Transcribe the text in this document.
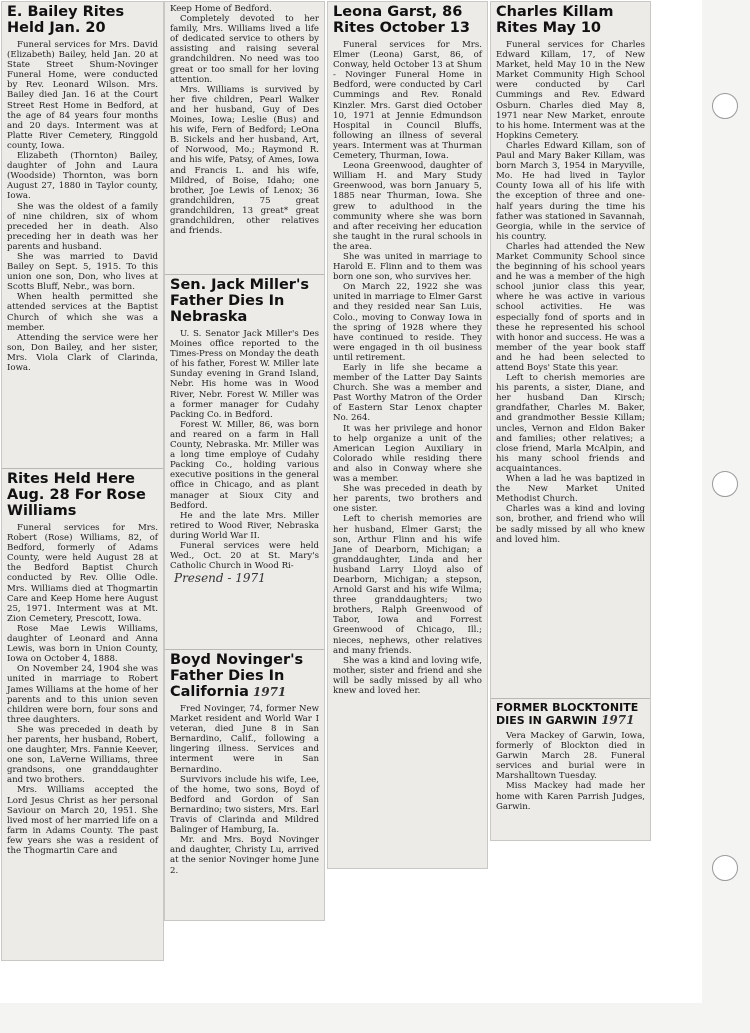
E. Bailey Rites Held Jan. 20

Funeral services for Mrs. David (Elizabeth) Bailey, held Jan. 20 at State Street Shum-Novinger Funeral Home, were conducted by Rev. Leonard Wilson. Mrs. Bailey died Jan. 16 at the Court Street Rest Home in Bedford, at the age of 84 years four months and 20 days. Interment was at Platte River Cemetery, Ringgold county, Iowa.

Elizabeth (Thornton) Bailey, daughter of John and Laura (Woodside) Thornton, was born August 27, 1880 in Taylor county, Iowa.

She was the oldest of a family of nine children, six of whom preceded her in death. Also preceding her in death was her parents and husband.

She was married to David Bailey on Sept. 5, 1915. To this union one son, Don, who lives at Scotts Bluff, Nebr., was born.

When health permitted she attended services at the Baptist Church of which she was a member.

Attending the service were her son, Don Bailey, and her sister, Mrs. Viola Clark of Clarinda, Iowa.

Rites Held Here Aug. 28 For Rose Williams

Funeral services for Mrs. Robert (Rose) Williams, 82, of Bedford, formerly of Adams County, were held August 28 at the Bedford Baptist Church conducted by Rev. Ollie Odle. Mrs. Williams died at Thogmartin Care and Keep Home here August 25, 1971. Interment was at Mt. Zion Cemetery, Prescott, Iowa.

Rose Mae Lewis Williams, daughter of Leonard and Anna Lewis, was born in Union County, Iowa on October 4, 1888.

On November 24, 1904 she was united in marriage to Robert James Williams at the home of her parents and to this union seven children were born, four sons and three daughters.

She was preceded in death by her parents, her husband, Robert, one daughter, Mrs. Fannie Keever, one son, LaVerne Williams, three grandsons, one granddaughter and two brothers.

Mrs. Williams accepted the Lord Jesus Christ as her personal Saviour on March 20, 1951. She lived most of her married life on a farm in Adams County. The past few years she was a resident of the Thogmartin Care and

Keep Home of Bedford.

Completely devoted to her family, Mrs. Williams lived a life of dedicated service to others by assisting and raising several grandchildren. No need was too great or too small for her loving attention.

Mrs. Williams is survived by her five children, Pearl Walker and her husband, Guy of Des Moines, Iowa; Leslie (Bus) and his wife, Fern of Bedford; LeOna B. Sickels and her husband, Art, of Norwood, Mo.; Raymond R. and his wife, Patsy, of Ames, Iowa and Francis L. and his wife, Mildred, of Boise, Idaho; one brother, Joe Lewis of Lenox; 36 grandchildren, 75 great grandchildren, 13 great* great grandchildren, other relatives and friends.

Sen. Jack Miller's Father Dies In Nebraska

U. S. Senator Jack Miller's Des Moines office reported to the Times-Press on Monday the death of his father, Forest W. Miller late Sunday evening in Grand Island, Nebr. His home was in Wood River, Nebr. Forest W. Miller was a former manager for Cudahy Packing Co. in Bedford.

Forest W. Miller, 86, was born and reared on a farm in Hall County, Nebraska. Mr. Miller was a long time employe of Cudahy Packing Co., holding various executive positions in the general office in Chicago, and as plant manager at Sioux City and Bedford.

He and the late Mrs. Miller retired to Wood River, Nebraska during World War II.

Funeral services were held Wed., Oct. 20 at St. Mary's Catholic Church in Wood Ri-

Presend - 1971
Boyd Novinger's Father Dies In California 1971

Fred Novinger, 74, former New Market resident and World War I veteran, died June 8 in San Bernardino, Calif., following a lingering illness. Services and interment were in San Bernardino.

Survivors include his wife, Lee, of the home, two sons, Boyd of Bedford and Gordon of San Bernardino; two sisters, Mrs. Earl Travis of Clarinda and Mildred Balinger of Hamburg, Ia.

Mr. and Mrs. Boyd Novinger and daughter, Christy Lu, arrived at the senior Novinger home June 2.

Leona Garst, 86 Rites October 13

Funeral services for Mrs. Elmer (Leona) Garst, 86, of Conway, held October 13 at Shum - Novinger Funeral Home in Bedford, were conducted by Carl Cummings and Rev. Ronald Kinzler. Mrs. Garst died October 10, 1971 at Jennie Edmundson Hospital in Council Bluffs, following an illness of several years. Interment was at Thurman Cemetery, Thurman, Iowa.

Leona Greenwood, daughter of William H. and Mary Study Greenwood, was born January 5, 1885 near Thurman, Iowa. She grew to adulthood in the community where she was born and after receiving her education she taught in the rural schools in the area.

She was united in marriage to Harold E. Flinn and to them was born one son, who survives her.

On March 22, 1922 she was united in marriage to Elmer Garst and they resided near San Luis, Colo., moving to Conway Iowa in the spring of 1928 where they have continued to reside. They were engaged in th oil business until retirement.

Early in life she became a member of the Latter Day Saints Church. She was a member and Past Worthy Matron of the Order of Eastern Star Lenox chapter No. 264.

It was her privilege and honor to help organize a unit of the American Legion Auxiliary in Colorado while residing there and also in Conway where she was a member.

She was preceded in death by her parents, two brothers and one sister.

Left to cherish memories are her husband, Elmer Garst; the son, Arthur Flinn and his wife Jane of Dearborn, Michigan; a granddaughter, Linda and her husband Larry Lloyd also of Dearborn, Michigan; a stepson, Arnold Garst and his wife Wilma; three granddaughters; two brothers, Ralph Greenwood of Tabor, Iowa and Forrest Greenwood of Chicago, Ill.; nieces, nephews, other relatives and many friends.

She was a kind and loving wife, mother, sister and friend and she will be sadly missed by all who knew and loved her.

Charles Killam Rites May 10

Funeral services for Charles Edward Killam, 17, of New Market, held May 10 in the New Market Community High School were conducted by Carl Cummings and Rev. Edward Osburn. Charles died May 8, 1971 near New Market, enroute to his home. Interment was at the Hopkins Cemetery.

Charles Edward Killam, son of Paul and Mary Baker Killam, was born March 3, 1954 in Maryville, Mo. He had lived in Taylor County Iowa all of his life with the exception of three and one-half years during the time his father was stationed in Savannah, Georgia, while in the service of his country.

Charles had attended the New Market Community School since the beginning of his school years and he was a member of the high school junior class this year, where he was active in various school activities. He was especially fond of sports and in these he represented his school with honor and success. He was a member of the year book staff and he had been selected to attend Boys' State this year.

Left to cherish memories are his parents, a sister, Diane, and her husband Dan Kirsch; grandfather, Charles M. Baker, and grandmother Bessie Killam; uncles, Vernon and Eldon Baker and families; other relatives; a close friend, Marla McAlpin, and his many school friends and acquaintances.

When a lad he was baptized in the New Market United Methodist Church.

Charles was a kind and loving son, brother, and friend who will be sadly missed by all who knew and loved him.

FORMER BLOCKTONITE DIES IN GARWIN 1971

Vera Mackey of Garwin, Iowa, formerly of Blockton died in Garwin March 28. Funeral services and burial were in Marshalltown Tuesday.

Miss Mackey had made her home with Karen Parrish Judges, Garwin.
